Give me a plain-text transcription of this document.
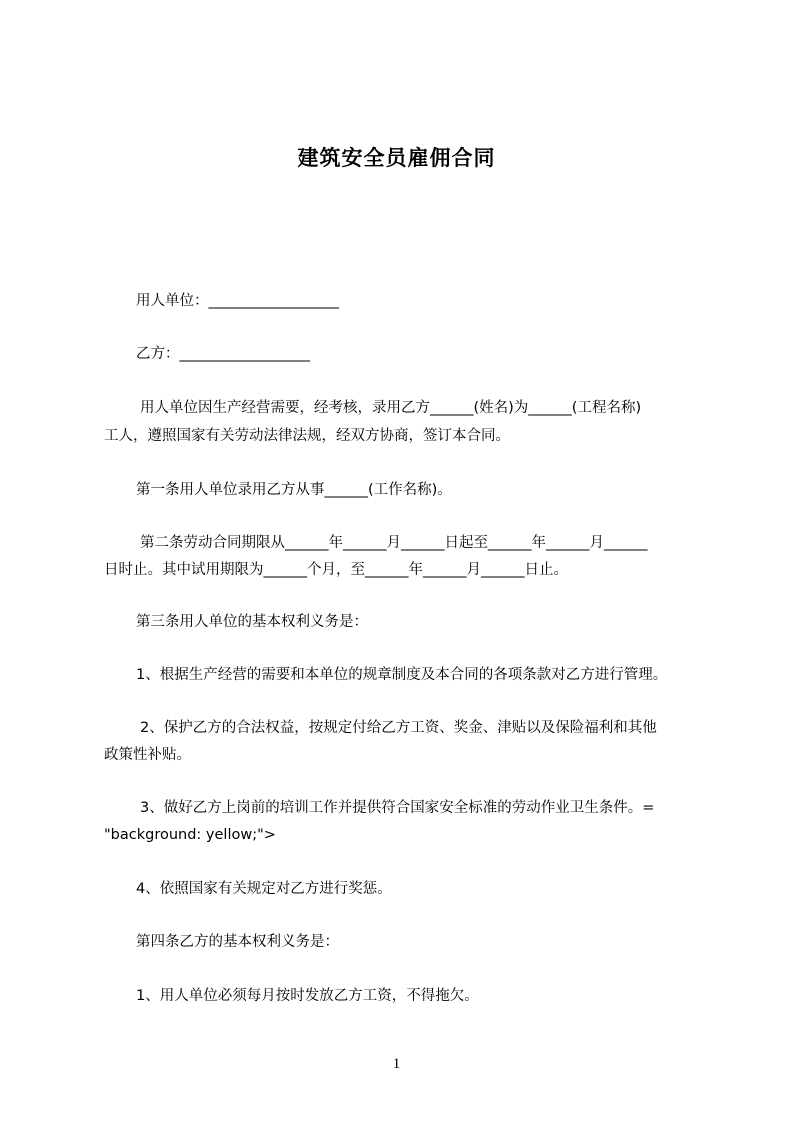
建筑安全员雇佣合同
用人单位：__________________
乙方：__________________
用人单位因生产经营需要，经考核，录用乙方______(姓名)为______(工程名称)
工人，遵照国家有关劳动法律法规，经双方协商，签订本合同。
第一条用人单位录用乙方从事______(工作名称)。
第二条劳动合同期限从______年______月______日起至______年______月______
日时止。其中试用期限为______个月，至______年______月______日止。
第三条用人单位的基本权利义务是：
1、根据生产经营的需要和本单位的规章制度及本合同的各项条款对乙方进行管理。
2、保护乙方的合法权益，按规定付给乙方工资、奖金、津贴以及保险福利和其他
政策性补贴。
3、做好乙方上岗前的培训工作并提供符合国家安全标准的劳动作业卫生条件。=
"background: yellow;">
4、依照国家有关规定对乙方进行奖惩。
第四条乙方的基本权利义务是：
1、用人单位必须每月按时发放乙方工资，不得拖欠。
1
